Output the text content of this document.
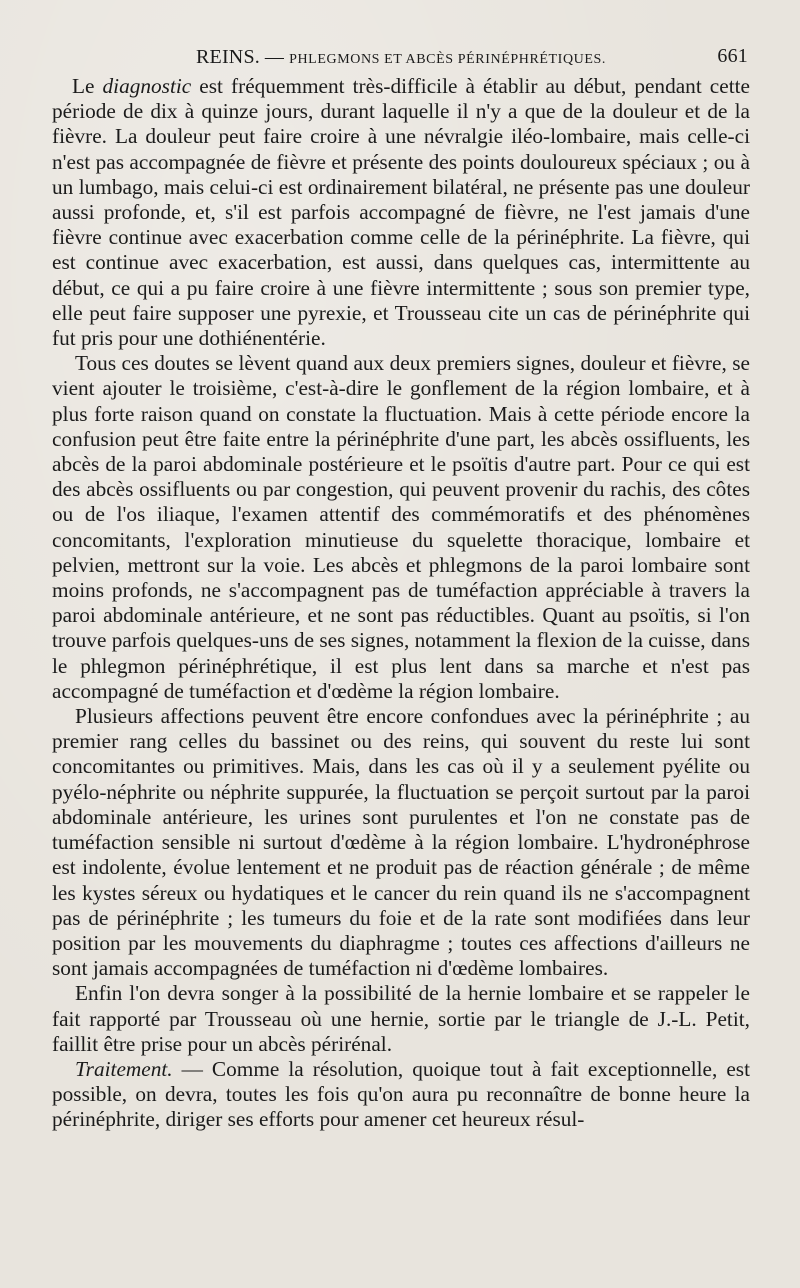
REINS. — PHLEGMONS ET ABCÈS PÉRINÉPHRÉTIQUES.	661

Le diagnostic est fréquemment très-difficile à établir au début, pendant cette période de dix à quinze jours, durant laquelle il n'y a que de la douleur et de la fièvre. La douleur peut faire croire à une névralgie iléo-lombaire, mais celle-ci n'est pas accompagnée de fièvre et présente des points douloureux spéciaux ; ou à un lumbago, mais celui-ci est ordinairement bilatéral, ne présente pas une douleur aussi profonde, et, s'il est parfois accompagné de fièvre, ne l'est jamais d'une fièvre continue avec exacerbation comme celle de la périnéphrite. La fièvre, qui est continue avec exacerbation, est aussi, dans quelques cas, intermittente au début, ce qui a pu faire croire à une fièvre intermittente ; sous son premier type, elle peut faire supposer une pyrexie, et Trousseau cite un cas de périnéphrite qui fut pris pour une dothiénentérie.

Tous ces doutes se lèvent quand aux deux premiers signes, douleur et fièvre, se vient ajouter le troisième, c'est-à-dire le gonflement de la région lombaire, et à plus forte raison quand on constate la fluctuation. Mais à cette période encore la confusion peut être faite entre la périnéphrite d'une part, les abcès ossifluents, les abcès de la paroi abdominale postérieure et le psoïtis d'autre part. Pour ce qui est des abcès ossifluents ou par congestion, qui peuvent provenir du rachis, des côtes ou de l'os iliaque, l'examen attentif des commémoratifs et des phénomènes concomitants, l'exploration minutieuse du squelette thoracique, lombaire et pelvien, mettront sur la voie. Les abcès et phlegmons de la paroi lombaire sont moins profonds, ne s'accompagnent pas de tuméfaction appréciable à travers la paroi abdominale antérieure, et ne sont pas réductibles. Quant au psoïtis, si l'on trouve parfois quelques-uns de ses signes, notamment la flexion de la cuisse, dans le phlegmon périnéphrétique, il est plus lent dans sa marche et n'est pas accompagné de tuméfaction et d'œdème la région lombaire.

Plusieurs affections peuvent être encore confondues avec la périnéphrite ; au premier rang celles du bassinet ou des reins, qui souvent du reste lui sont concomitantes ou primitives. Mais, dans les cas où il y a seulement pyélite ou pyélo-néphrite ou néphrite suppurée, la fluctuation se perçoit surtout par la paroi abdominale antérieure, les urines sont purulentes et l'on ne constate pas de tuméfaction sensible ni surtout d'œdème à la région lombaire. L'hydronéphrose est indolente, évolue lentement et ne produit pas de réaction générale ; de même les kystes séreux ou hydatiques et le cancer du rein quand ils ne s'accompagnent pas de périnéphrite ; les tumeurs du foie et de la rate sont modifiées dans leur position par les mouvements du diaphragme ; toutes ces affections d'ailleurs ne sont jamais accompagnées de tuméfaction ni d'œdème lombaires.

Enfin l'on devra songer à la possibilité de la hernie lombaire et se rappeler le fait rapporté par Trousseau où une hernie, sortie par le triangle de J.-L. Petit, faillit être prise pour un abcès périrénal.

Traitement. — Comme la résolution, quoique tout à fait exceptionnelle, est possible, on devra, toutes les fois qu'on aura pu reconnaître de bonne heure la périnéphrite, diriger ses efforts pour amener cet heureux résul-
